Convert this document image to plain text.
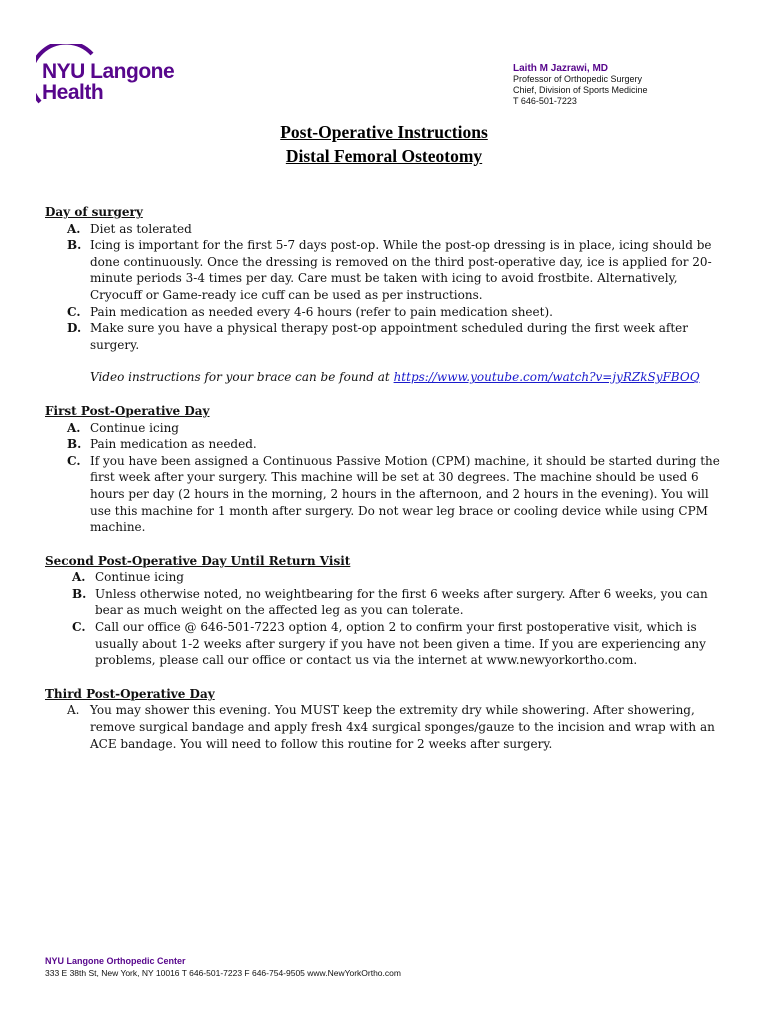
NYU Langone
Health
Laith M Jazrawi, MD
Professor of Orthopedic Surgery
Chief, Division of Sports Medicine
T 646-501-7223
Post-Operative Instructions
Distal Femoral Osteotomy
Day of surgery
A. Diet as tolerated
B. Icing is important for the first 5-7 days post-op. While the post-op dressing is in place, icing should be done continuously. Once the dressing is removed on the third post-operative day, ice is applied for 20-minute periods 3-4 times per day. Care must be taken with icing to avoid frostbite. Alternatively, Cryocuff or Game-ready ice cuff can be used as per instructions.
C. Pain medication as needed every 4-6 hours (refer to pain medication sheet).
D. Make sure you have a physical therapy post-op appointment scheduled during the first week after surgery.
Video instructions for your brace can be found at https://www.youtube.com/watch?v=jyRZkSyFBOQ
First Post-Operative Day
A. Continue icing
B. Pain medication as needed.
C. If you have been assigned a Continuous Passive Motion (CPM) machine, it should be started during the first week after your surgery. This machine will be set at 30 degrees. The machine should be used 6 hours per day (2 hours in the morning, 2 hours in the afternoon, and 2 hours in the evening). You will use this machine for 1 month after surgery. Do not wear leg brace or cooling device while using CPM machine.
Second Post-Operative Day Until Return Visit
A. Continue icing
B. Unless otherwise noted, no weightbearing for the first 6 weeks after surgery. After 6 weeks, you can bear as much weight on the affected leg as you can tolerate.
C. Call our office @ 646-501-7223 option 4, option 2 to confirm your first postoperative visit, which is usually about 1-2 weeks after surgery if you have not been given a time. If you are experiencing any problems, please call our office or contact us via the internet at www.newyorkortho.com.
Third Post-Operative Day
A. You may shower this evening. You MUST keep the extremity dry while showering. After showering, remove surgical bandage and apply fresh 4x4 surgical sponges/gauze to the incision and wrap with an ACE bandage. You will need to follow this routine for 2 weeks after surgery.
NYU Langone Orthopedic Center
333 E 38th St, New York, NY 10016 T 646-501-7223 F 646-754-9505 www.NewYorkOrtho.com
